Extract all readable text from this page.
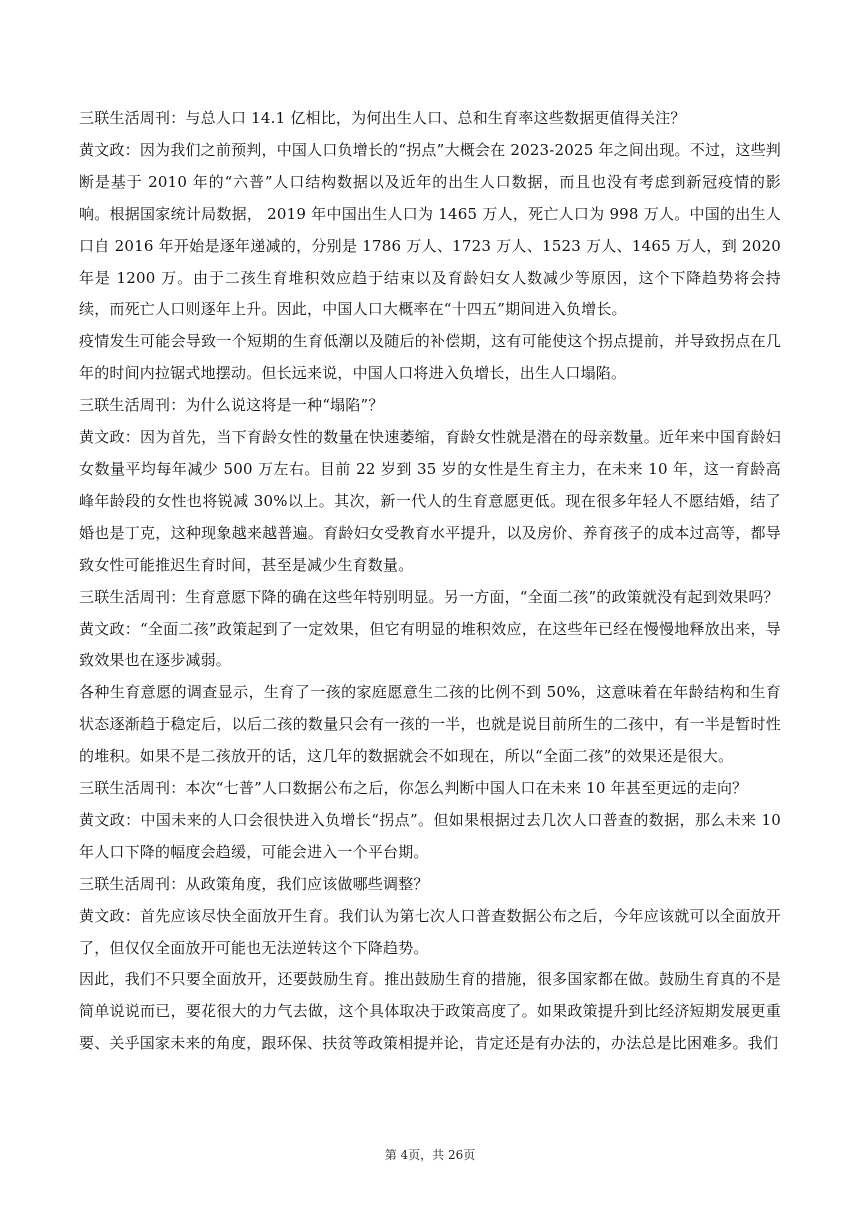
三联生活周刊：与总人口 14.1 亿相比，为何出生人口、总和生育率这些数据更值得关注？

黄文政：因为我们之前预判，中国人口负增长的“拐点”大概会在 2023-2025 年之间出现。不过，这些判断是基于 2010 年的“六普”人口结构数据以及近年的出生人口数据，而且也没有考虑到新冠疫情的影响。根据国家统计局数据， 2019 年中国出生人口为 1465 万人，死亡人口为 998 万人。中国的出生人口自 2016 年开始是逐年递减的，分别是 1786 万人、1723 万人、1523 万人、1465 万人，到 2020 年是 1200 万。由于二孩生育堆积效应趋于结束以及育龄妇女人数减少等原因，这个下降趋势将会持续，而死亡人口则逐年上升。因此，中国人口大概率在“十四五”期间进入负增长。

疫情发生可能会导致一个短期的生育低潮以及随后的补偿期，这有可能使这个拐点提前，并导致拐点在几年的时间内拉锯式地摆动。但长远来说，中国人口将进入负增长，出生人口塌陷。

三联生活周刊：为什么说这将是一种“塌陷”？

黄文政：因为首先，当下育龄女性的数量在快速萎缩，育龄女性就是潜在的母亲数量。近年来中国育龄妇女数量平均每年减少 500 万左右。目前 22 岁到 35 岁的女性是生育主力，在未来 10 年，这一育龄高峰年龄段的女性也将锐减 30%以上。其次，新一代人的生育意愿更低。现在很多年轻人不愿结婚，结了婚也是丁克，这种现象越来越普遍。育龄妇女受教育水平提升，以及房价、养育孩子的成本过高等，都导致女性可能推迟生育时间，甚至是减少生育数量。

三联生活周刊：生育意愿下降的确在这些年特别明显。另一方面，“全面二孩”的政策就没有起到效果吗？

黄文政：“全面二孩”政策起到了一定效果，但它有明显的堆积效应，在这些年已经在慢慢地释放出来，导致效果也在逐步减弱。

各种生育意愿的调查显示，生育了一孩的家庭愿意生二孩的比例不到 50%，这意味着在年龄结构和生育状态逐渐趋于稳定后，以后二孩的数量只会有一孩的一半，也就是说目前所生的二孩中，有一半是暂时性的堆积。如果不是二孩放开的话，这几年的数据就会不如现在，所以“全面二孩”的效果还是很大。

三联生活周刊：本次“七普”人口数据公布之后，你怎么判断中国人口在未来 10 年甚至更远的走向？

黄文政：中国未来的人口会很快进入负增长“拐点”。但如果根据过去几次人口普查的数据，那么未来 10 年人口下降的幅度会趋缓，可能会进入一个平台期。

三联生活周刊：从政策角度，我们应该做哪些调整？

黄文政：首先应该尽快全面放开生育。我们认为第七次人口普查数据公布之后，今年应该就可以全面放开了，但仅仅全面放开可能也无法逆转这个下降趋势。

因此，我们不只要全面放开，还要鼓励生育。推出鼓励生育的措施，很多国家都在做。鼓励生育真的不是简单说说而已，要花很大的力气去做，这个具体取决于政策高度了。如果政策提升到比经济短期发展更重要、关乎国家未来的角度，跟环保、扶贫等政策相提并论，肯定还是有办法的，办法总是比困难多。我们

第 4页，共 26页
